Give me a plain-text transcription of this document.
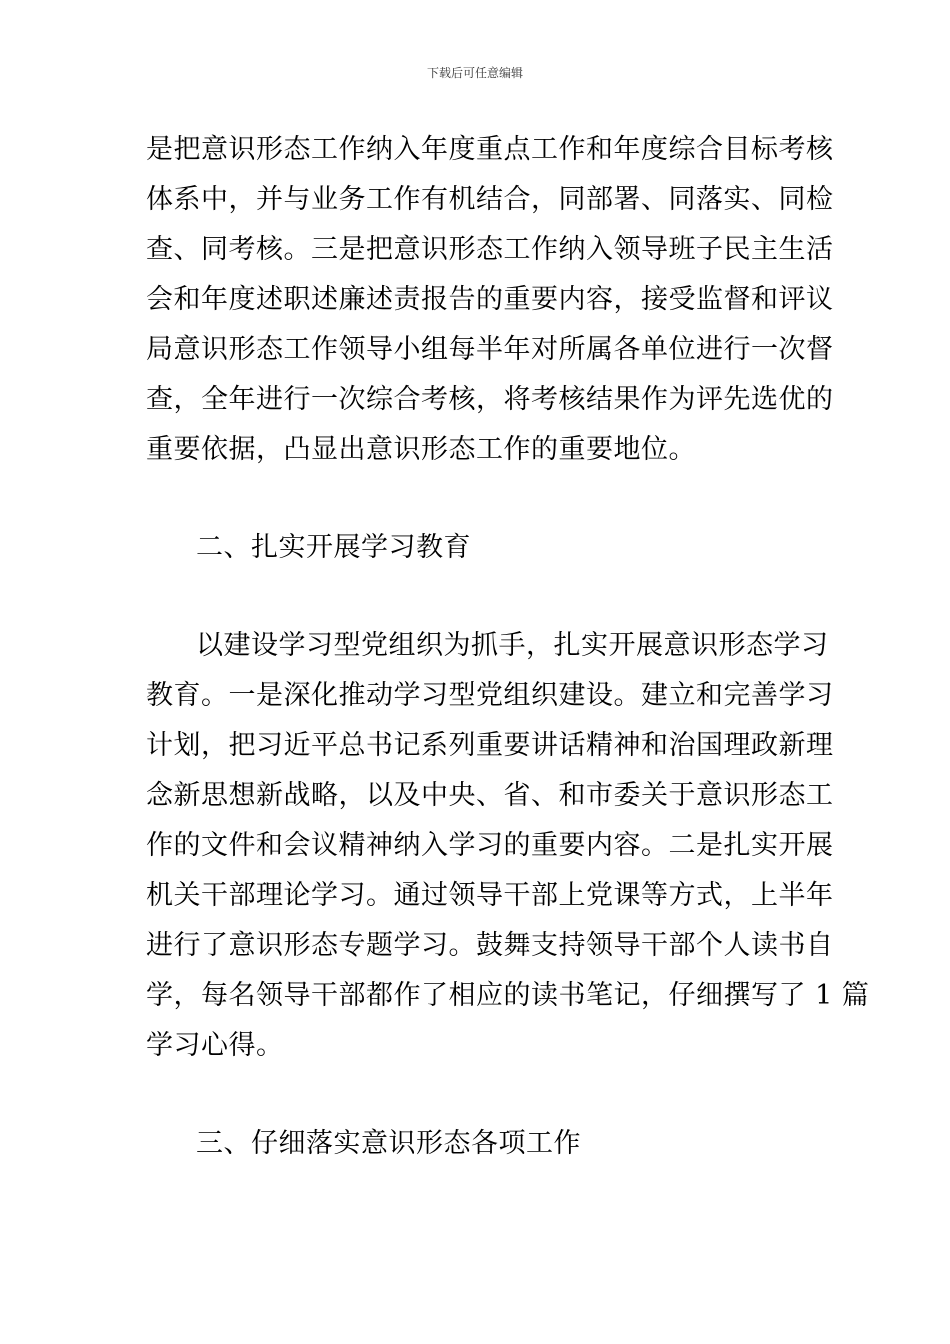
下载后可任意编辑
是把意识形态工作纳入年度重点工作和年度综合目标考核
体系中，并与业务工作有机结合，同部署、同落实、同检
查、同考核。三是把意识形态工作纳入领导班子民主生活
会和年度述职述廉述责报告的重要内容，接受监督和评议
局意识形态工作领导小组每半年对所属各单位进行一次督
查，全年进行一次综合考核，将考核结果作为评先选优的
重要依据，凸显出意识形态工作的重要地位。
二、扎实开展学习教育
以建设学习型党组织为抓手，扎实开展意识形态学习
教育。一是深化推动学习型党组织建设。建立和完善学习
计划，把习近平总书记系列重要讲话精神和治国理政新理
念新思想新战略，以及中央、省、和市委关于意识形态工
作的文件和会议精神纳入学习的重要内容。二是扎实开展
机关干部理论学习。通过领导干部上党课等方式，上半年
进行了意识形态专题学习。鼓舞支持领导干部个人读书自
学，每名领导干部都作了相应的读书笔记，仔细撰写了 1 篇
学习心得。
三、仔细落实意识形态各项工作
